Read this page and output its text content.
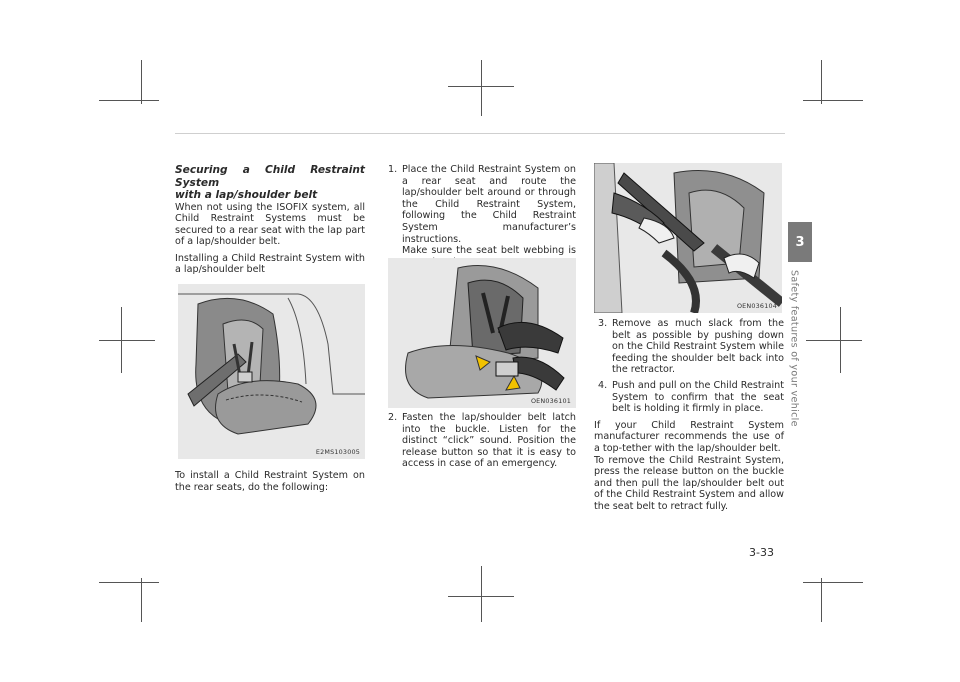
Securing a Child Restraint System
with a lap/shoulder belt

When not using the ISOFIX system, all Child Restraint Systems must be secured to a rear seat with the lap part of a lap/shoulder belt.

Installing a Child Restraint System with a lap/shoulder belt

E2MS103005

To install a Child Restraint System on the rear seats, do the following:

1. Place the Child Restraint System on a rear seat and route the lap/shoulder belt around or through the Child Restraint System, following the Child Restraint System manufacturer’s instructions.
Make sure the seat belt webbing is
OEN036101
2. Fasten the lap/shoulder belt latch into the buckle. Listen for the distinct “click” sound. Position the release button so that it is easy to access in case of an emergency.
OEN036104
3. Remove as much slack from the belt as possible by pushing down on the Child Restraint System while feeding the shoulder belt back into the retractor.
4. Push and pull on the Child Restraint System to confirm that the seat belt is holding it firmly in place.

If your Child Restraint System manufacturer recommends the use of a top-tether with the lap/shoulder belt.

To remove the Child Restraint System, press the release button on the buckle and then pull the lap/shoulder belt out of the Child Restraint System and allow the seat belt to retract fully.

3
Safety features of your vehicle
3-33
